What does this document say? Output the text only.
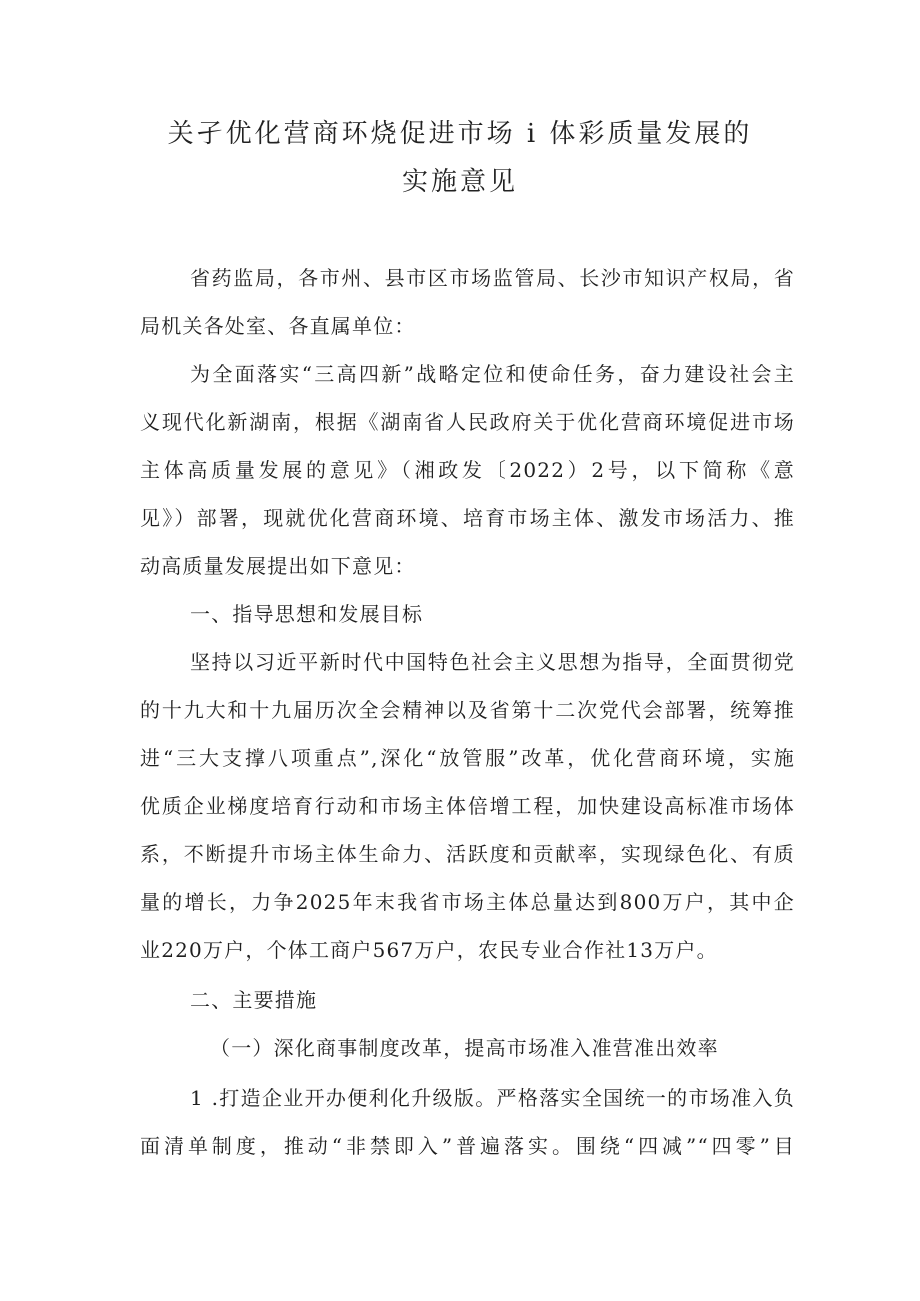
关孑优化营商环烧促进市场 i 体彩质量发展的
实施意见
省药监局，各市州、县市区市场监管局、长沙市知识产权局，省
局机关各处室、各直属单位：
为全面落实“三高四新”战略定位和使命任务，奋力建设社会主
义现代化新湖南，根据《湖南省人民政府关于优化营商环境促进市场
主体高质量发展的意见》（湘政发〔2022）2号，以下简称《意
见》）部署，现就优化营商环境、培育市场主体、激发市场活力、推
动高质量发展提出如下意见：
一、指导思想和发展目标
坚持以习近平新时代中国特色社会主义思想为指导，全面贯彻党
的十九大和十九届历次全会精神以及省第十二次党代会部署，统筹推
进“三大支撑八项重点”,深化“放管服”改革，优化营商环境，实施
优质企业梯度培育行动和市场主体倍增工程，加快建设高标准市场体
系，不断提升市场主体生命力、活跃度和贡献率，实现绿色化、有质
量的增长，力争2025年末我省市场主体总量达到800万户，其中企
业220万户，个体工商户567万户，农民专业合作社13万户。
二、主要措施
（一）深化商事制度改革，提高市场准入准营准出效率
1 .打造企业开办便利化升级版。严格落实全国统一的市场准入负
面清单制度，推动“非禁即入”普遍落实。围绕“四减”“四零”目
